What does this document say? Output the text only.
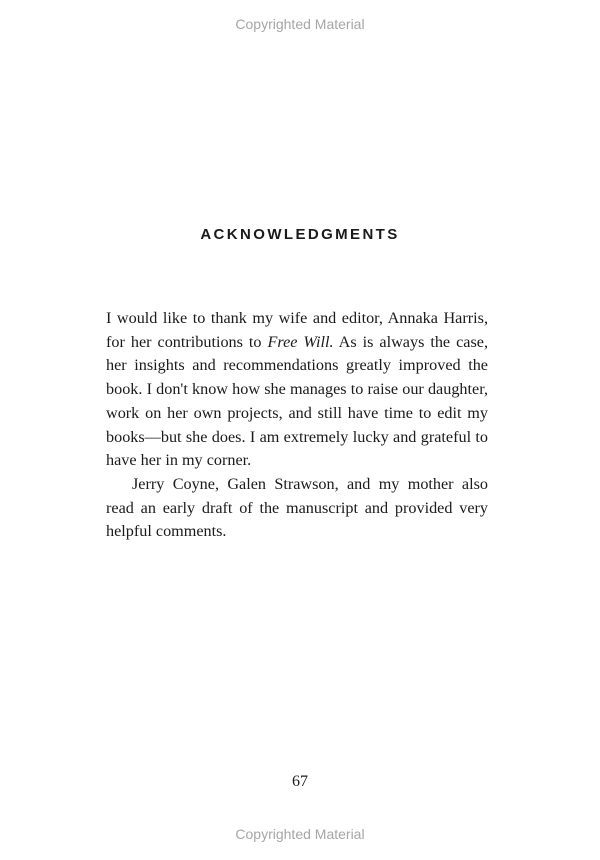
Copyrighted Material
ACKNOWLEDGMENTS

I would like to thank my wife and editor, Annaka Harris, for her contributions to Free Will. As is always the case, her insights and recommendations greatly improved the book. I don't know how she manages to raise our daughter, work on her own projects, and still have time to edit my books—but she does. I am extremely lucky and grateful to have her in my corner.

Jerry Coyne, Galen Strawson, and my mother also read an early draft of the manuscript and provided very helpful comments.

67
Copyrighted Material
